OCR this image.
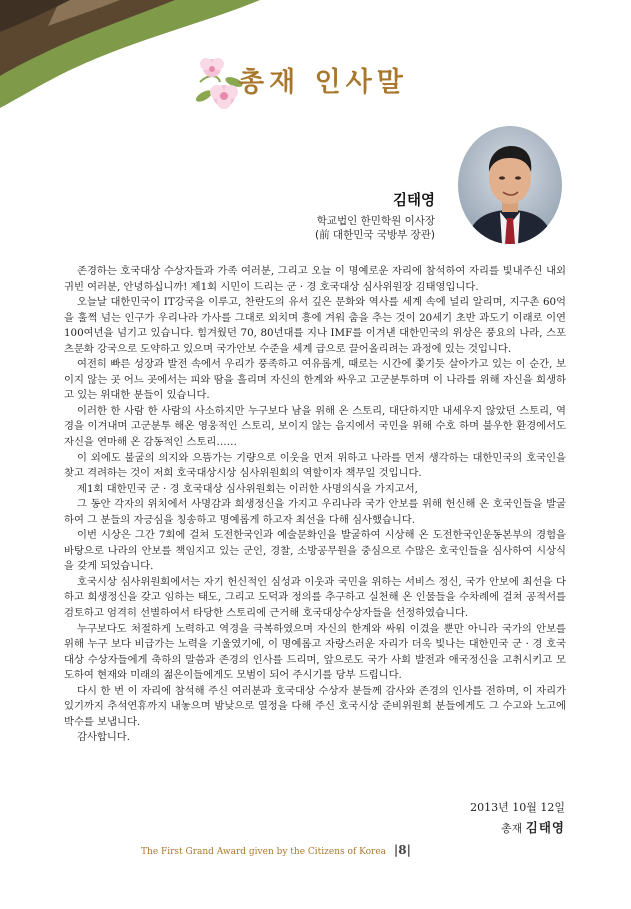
총재 인사말
김태영
학교법인 한민학원 이사장
(前 대한민국 국방부 장관)

존경하는 호국대상 수상자들과 가족 여러분, 그리고 오늘 이 명예로운 자리에 참석하여 자리를 빛내주신 내외귀빈 여러분, 안녕하십니까! 제1회 시민이 드리는 군 · 경 호국대상 심사위원장 김태영입니다.

오늘날 대한민국이 IT강국을 이루고, 찬란도의 유서 깊은 문화와 역사를 세계 속에 널리 알리며, 지구촌 60억을 훌쩍 넘는 인구가 우리나라 가사를 그대로 외치며 흥에 겨워 춤을 추는 것이 20세기 초반 과도기 이래로 이연 100여년을 넘기고 있습니다. 힘겨웠던 70, 80년대를 지나 IMF를 이겨낸 대한민국의 위상은 풍요의 나라, 스포츠문화 강국으로 도약하고 있으며 국가안보 수준을 세계 급으로 끌어올리려는 과정에 있는 것입니다.

여전히 빠른 성장과 발전 속에서 우리가 풍족하고 여유롭게, 때로는 시간에 쫓기듯 살아가고 있는 이 순간, 보이지 않는 곳 어느 곳에서는 피와 땀을 흘리며 자신의 한계와 싸우고 고군분투하며 이 나라를 위해 자신을 희생하고 있는 위대한 분들이 있습니다.

이러한 한 사람 한 사람의 사소하지만 누구보다 남을 위해 온 스토리, 대단하지만 내세우지 않았던 스토리, 역경을 이겨내며 고군분투 해온 영웅적인 스토리, 보이지 않는 음지에서 국민을 위해 수호 하며 불우한 환경에서도 자신을 연마해 온 감동적인 스토리……

이 외에도 불굴의 의지와 으뜸가는 기량으로 이웃을 먼저 위하고 나라를 먼저 생각하는 대한민국의 호국인을 찾고 격려하는 것이 저희 호국대상시상 심사위원회의 역할이자 책무일 것입니다.

제1회 대한민국 군 · 경 호국대상 심사위원회는 이러한 사명의식을 가지고서,

그 동안 각자의 위치에서 사명감과 희생정신을 가지고 우리나라 국가 안보를 위해 헌신해 온 호국인들을 발굴하여 그 분들의 자긍심을 칭송하고 명예롭게 하고자 최선을 다해 심사했습니다.

이번 시상은 그간 7회에 걸쳐 도전한국인과 예술문화인을 발굴하여 시상해 온 도전한국인운동본부의 경험을 바탕으로 나라의 안보를 책임지고 있는 군인, 경찰, 소방공무원을 중심으로 수많은 호국인들을 심사하여 시상식을 갖게 되었습니다.

호국시상 심사위원회에서는 자기 헌신적인 심성과 이웃과 국민을 위하는 서비스 정신, 국가 안보에 최선을 다하고 희생정신을 갖고 임하는 태도, 그리고 도덕과 정의를 추구하고 실천해 온 인물들을 수차례에 걸쳐 공적서를 검토하고 엄격히 선별하여서 타당한 스토리에 근거해 호국대상수상자들을 선정하였습니다.

누구보다도 처절하게 노력하고 역경을 극복하였으며 자신의 한계와 싸워 이겼을 뿐만 아니라 국가의 안보를 위해 누구 보다 비급가는 노력을 기울였기에, 이 명예롭고 자랑스러운 자리가 더욱 빛나는 대한민국 군 · 경 호국대상 수상자들에게 축하의 말씀과 존경의 인사를 드리며, 앞으로도 국가 사회 발전과 애국정신을 고취시키고 모도하여 현재와 미래의 젊은이들에게도 모범이 되어 주시기를 당부 드립니다.

다시 한 번 이 자리에 참석해 주신 여러분과 호국대상 수상자 분들께 감사와 존경의 인사를 전하며, 이 자리가 있기까지 추석연휴까지 내놓으며 밤낮으로 열정을 다해 주신 호국시상 준비위원회 분들에게도 그 수고와 노고에 박수를 보냅니다.

감사합니다.

2013년 10월 12일
총재 김태영
The First Grand Award given by the Citizens of Korea |8|
